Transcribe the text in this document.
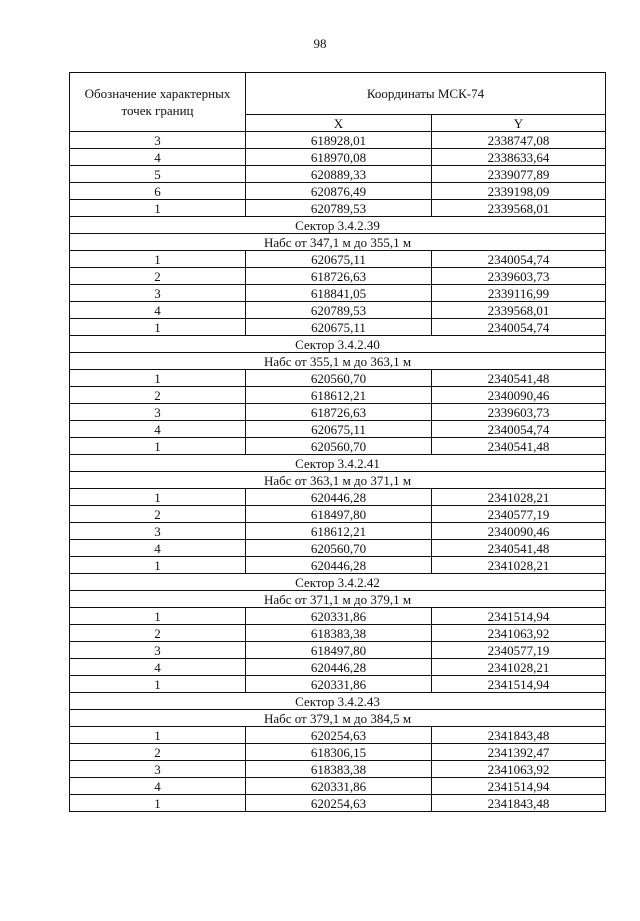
98
Обозначение характерных точек границ	Координаты МСК-74	
	X	Y
3	618928,01	2338747,08
4	618970,08	2338633,64
5	620889,33	2339077,89
6	620876,49	2339198,09
1	620789,53	2339568,01
Сектор 3.4.2.39		
Набс от 347,1 м до 355,1 м		
1	620675,11	2340054,74
2	618726,63	2339603,73
3	618841,05	2339116,99
4	620789,53	2339568,01
1	620675,11	2340054,74
Сектор 3.4.2.40		
Набс от 355,1 м до 363,1 м		
1	620560,70	2340541,48
2	618612,21	2340090,46
3	618726,63	2339603,73
4	620675,11	2340054,74
1	620560,70	2340541,48
Сектор 3.4.2.41		
Набс от 363,1 м до 371,1 м		
1	620446,28	2341028,21
2	618497,80	2340577,19
3	618612,21	2340090,46
4	620560,70	2340541,48
1	620446,28	2341028,21
Сектор 3.4.2.42		
Набс от 371,1 м до 379,1 м		
1	620331,86	2341514,94
2	618383,38	2341063,92
3	618497,80	2340577,19
4	620446,28	2341028,21
1	620331,86	2341514,94
Сектор 3.4.2.43		
Набс от 379,1 м до 384,5 м		
1	620254,63	2341843,48
2	618306,15	2341392,47
3	618383,38	2341063,92
4	620331,86	2341514,94
1	620254,63	2341843,48
